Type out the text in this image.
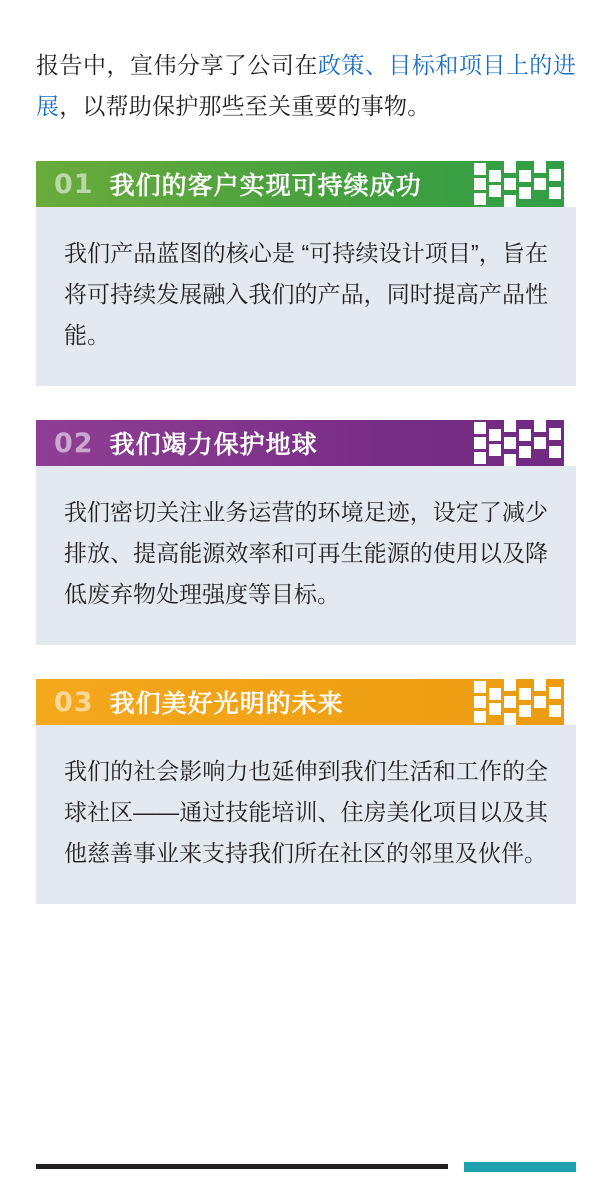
报告中，宣伟分享了公司在政策、目标和项目上的进展，以帮助保护那些至关重要的事物。

01 我们的客户实现可持续成功
我们产品蓝图的核心是 “可持续设计项目”，旨在将可持续发展融入我们的产品，同时提高产品性能。
02 我们竭力保护地球
我们密切关注业务运营的环境足迹，设定了减少排放、提高能源效率和可再生能源的使用以及降低废弃物处理强度等目标。
03 我们美好光明的未来
我们的社会影响力也延伸到我们生活和工作的全球社区——通过技能培训、住房美化项目以及其他慈善事业来支持我们所在社区的邻里及伙伴。
